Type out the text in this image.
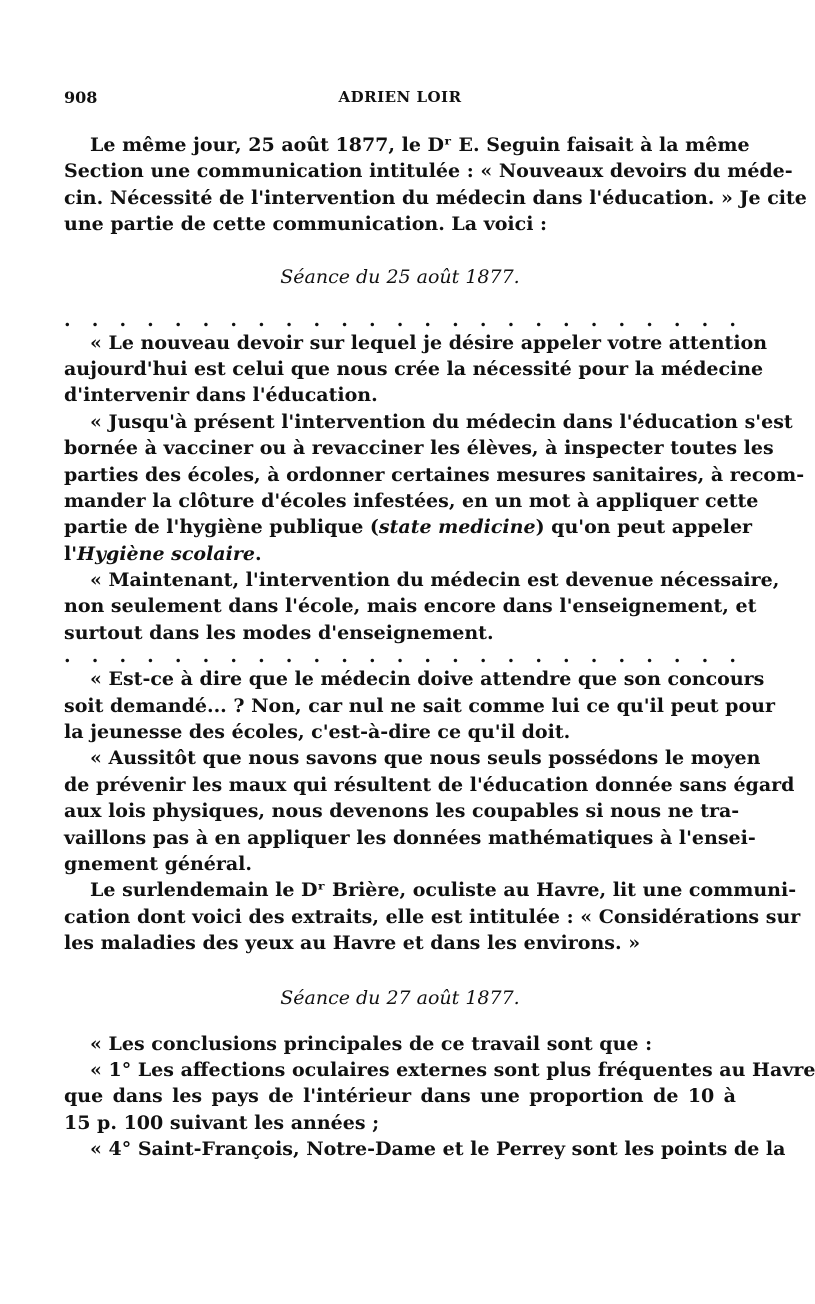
908	ADRIEN LOIR
Le même jour, 25 août 1877, le Dʳ E. Seguin faisait à la même
Section une communication intitulée : « Nouveaux devoirs du méde-
cin. Nécessité de l'intervention du médecin dans l'éducation. » Je cite
une partie de cette communication. La voici :
Séance du 25 août 1877.
. . . . . . . . . . . . . . . . . . . . . . . . .
« Le nouveau devoir sur lequel je désire appeler votre attention
aujourd'hui est celui que nous crée la nécessité pour la médecine
d'intervenir dans l'éducation.
« Jusqu'à présent l'intervention du médecin dans l'éducation s'est
bornée à vacciner ou à revacciner les élèves, à inspecter toutes les
parties des écoles, à ordonner certaines mesures sanitaires, à recom-
mander la clôture d'écoles infestées, en un mot à appliquer cette
partie de l'hygiène publique (state medicine) qu'on peut appeler
l'Hygiène scolaire.
« Maintenant, l'intervention du médecin est devenue nécessaire,
non seulement dans l'école, mais encore dans l'enseignement, et
surtout dans les modes d'enseignement.
. . . . . . . . . . . . . . . . . . . . . . . . .
« Est-ce à dire que le médecin doive attendre que son concours
soit demandé... ? Non, car nul ne sait comme lui ce qu'il peut pour
la jeunesse des écoles, c'est-à-dire ce qu'il doit.
« Aussitôt que nous savons que nous seuls possédons le moyen
de prévenir les maux qui résultent de l'éducation donnée sans égard
aux lois physiques, nous devenons les coupables si nous ne tra-
vaillons pas à en appliquer les données mathématiques à l'ensei-
gnement général.
Le surlendemain le Dʳ Brière, oculiste au Havre, lit une communi-
cation dont voici des extraits, elle est intitulée : « Considérations sur
les maladies des yeux au Havre et dans les environs. »
Séance du 27 août 1877.
« Les conclusions principales de ce travail sont que :
« 1° Les affections oculaires externes sont plus fréquentes au Havre
que dans les pays de l'intérieur dans une proportion de 10 à
15 p. 100 suivant les années ;
« 4° Saint-François, Notre-Dame et le Perrey sont les points de la
